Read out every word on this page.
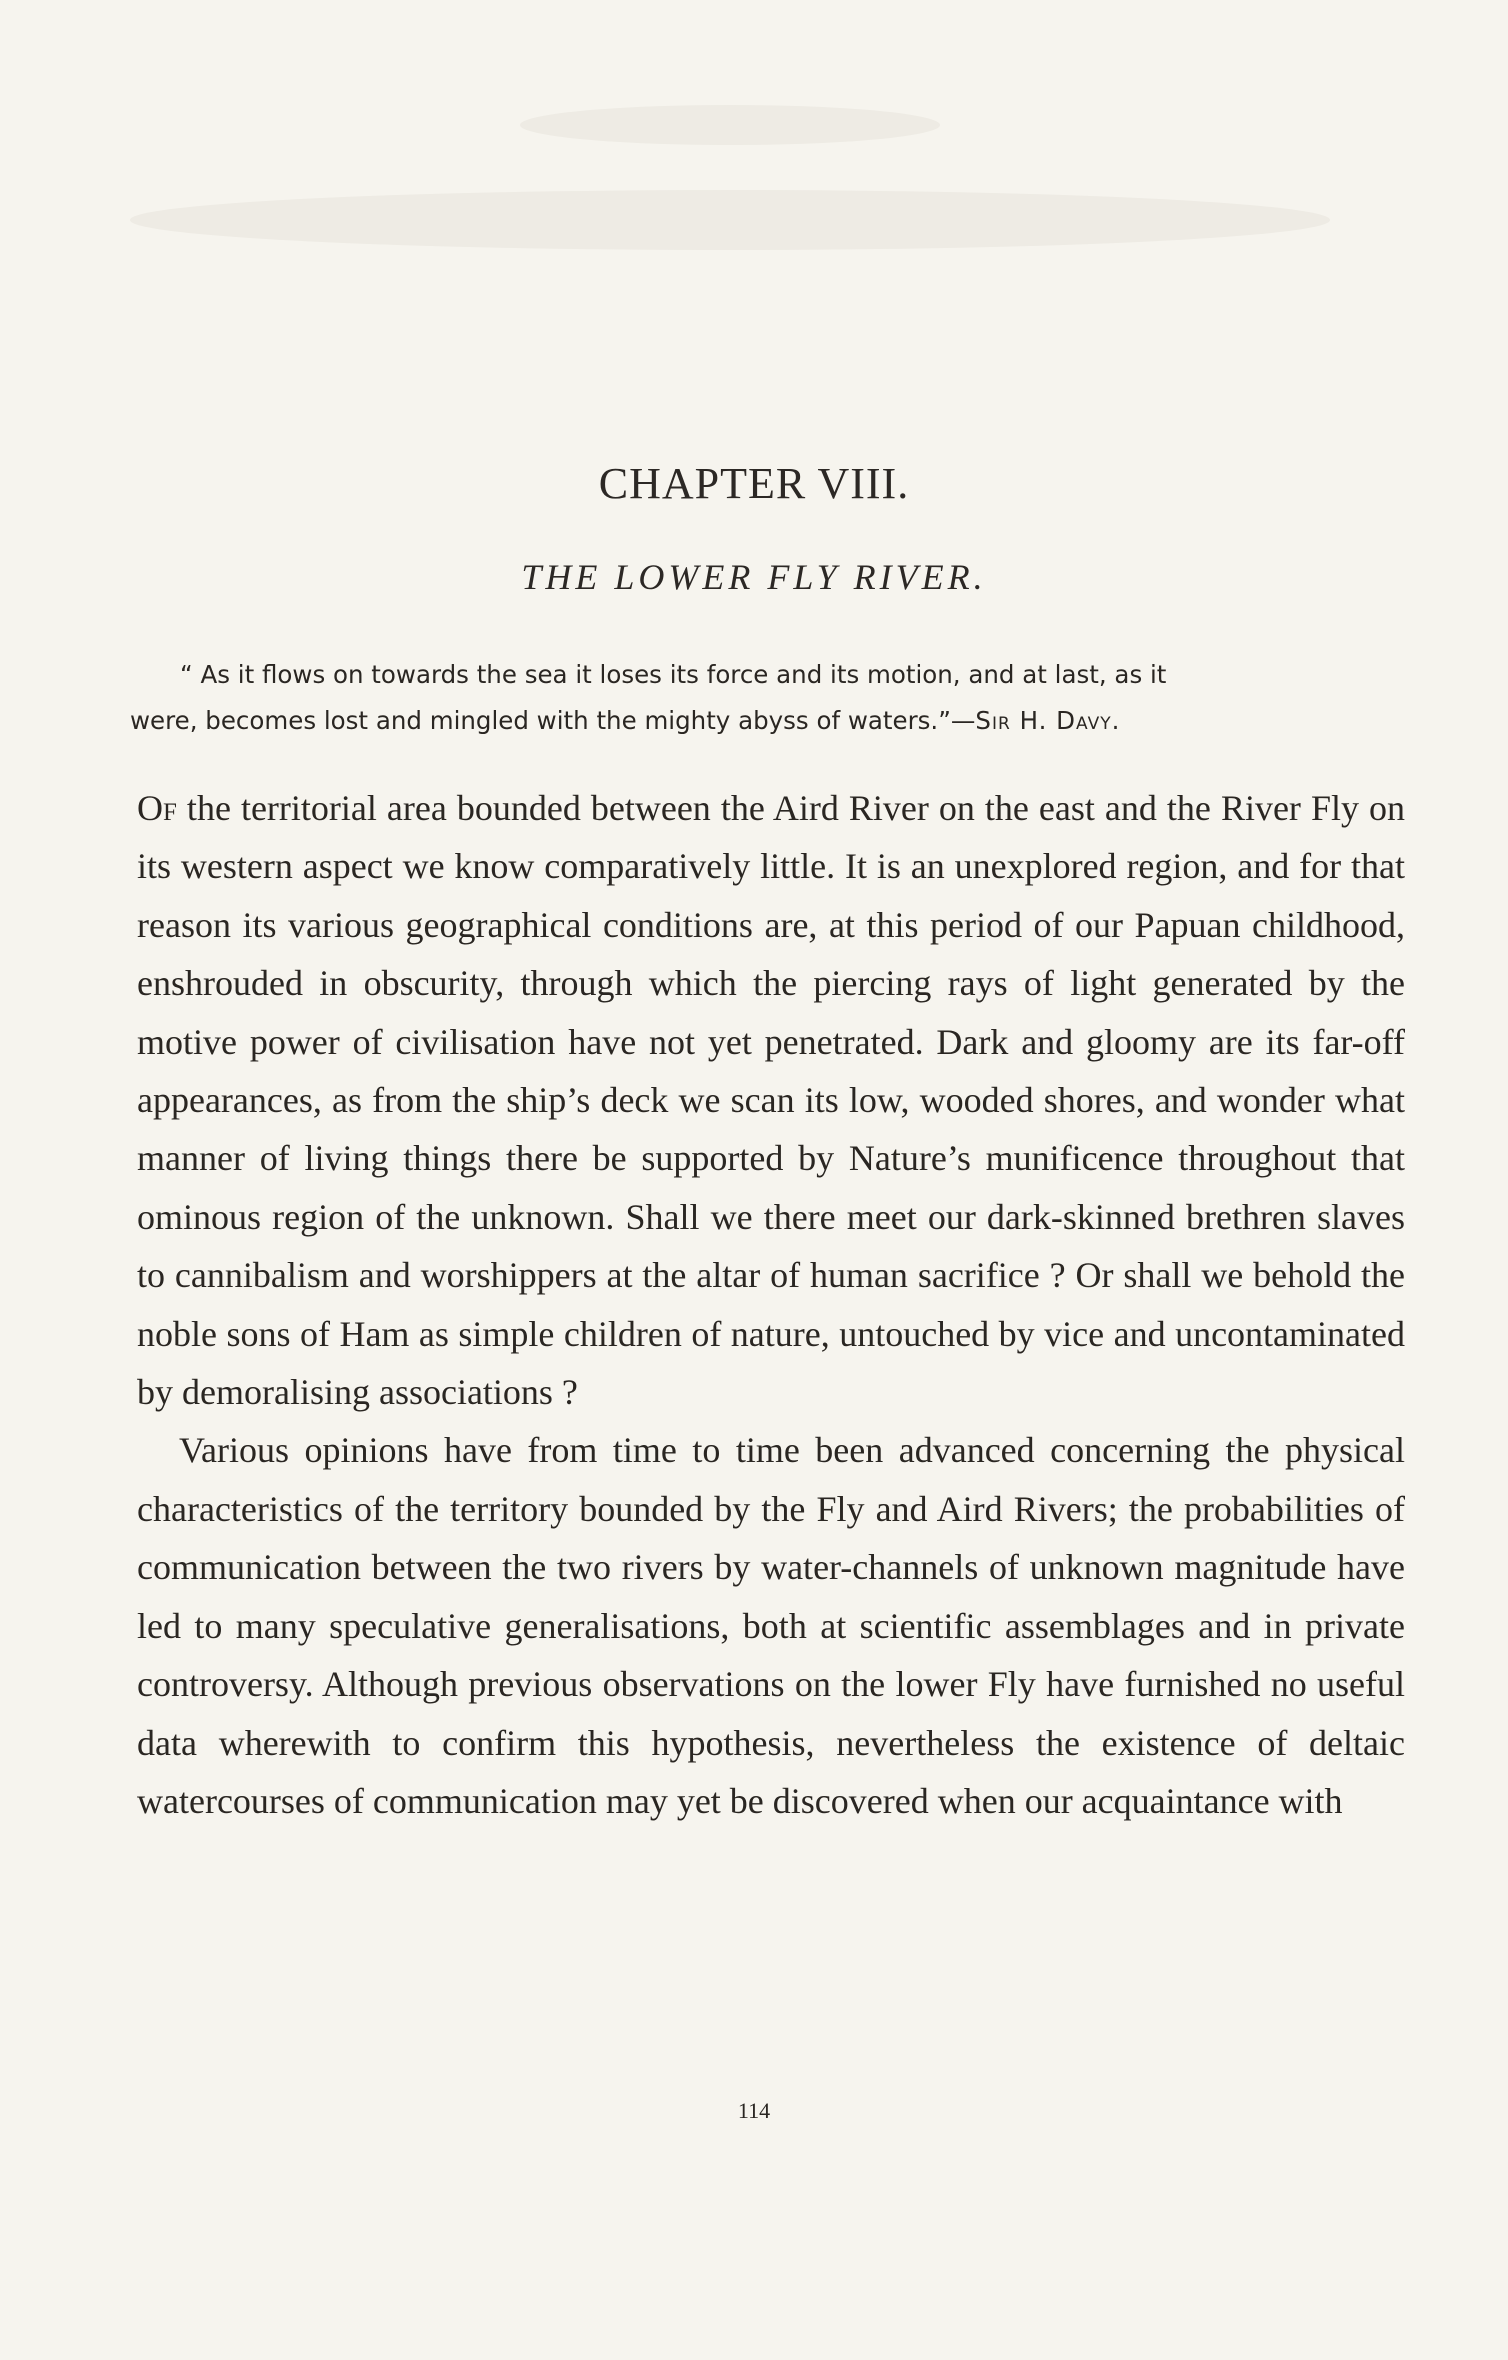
CHAPTER VIII.
THE LOWER FLY RIVER.
“ As it flows on towards the sea it loses its force and its motion, and at last, as it
were, becomes lost and mingled with the mighty abyss of waters.”—Sir H. Davy.

Of the territorial area bounded between the Aird River on the east and the River Fly on its western aspect we know comparatively little. It is an unexplored region, and for that reason its various geographical conditions are, at this period of our Papuan childhood, enshrouded in obscurity, through which the piercing rays of light generated by the motive power of civilisation have not yet penetrated. Dark and gloomy are its far-off appearances, as from the ship’s deck we scan its low, wooded shores, and wonder what manner of living things there be supported by Nature’s munificence throughout that ominous region of the unknown. Shall we there meet our dark-skinned brethren slaves to cannibalism and worshippers at the altar of human sacrifice ? Or shall we behold the noble sons of Ham as simple children of nature, untouched by vice and uncontaminated by demoralising associations ?

Various opinions have from time to time been advanced concerning the physical characteristics of the territory bounded by the Fly and Aird Rivers; the probabilities of communication between the two rivers by water-channels of unknown magnitude have led to many speculative generalisations, both at scientific assemblages and in private controversy. Although previous observations on the lower Fly have furnished no useful data wherewith to confirm this hypothesis, nevertheless the existence of deltaic watercourses of communication may yet be discovered when our acquaintance with

114
